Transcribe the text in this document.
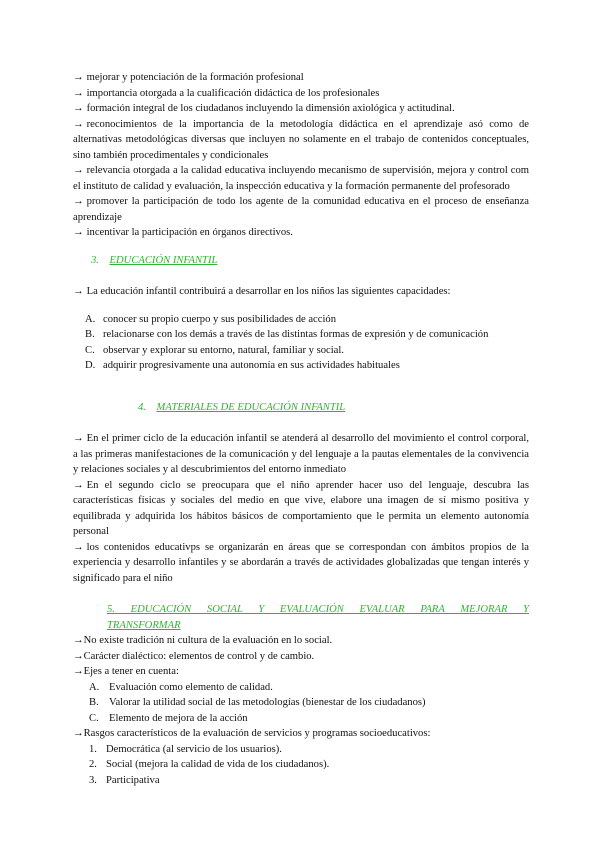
→ mejorar y potenciación de la formación profesional

→ importancia otorgada a la cualificación didáctica de los profesionales

→ formación integral de los ciudadanos incluyendo la dimensión axiológica y actitudinal.

→ reconocimientos de la importancia de la metodología didáctica en el aprendizaje asó como de alternativas metodológicas diversas que incluyen no solamente en el trabajo de contenidos conceptuales, sino también procedimentales y condicionales

→ relevancia otorgada a la calidad educativa incluyendo mecanismo de supervisión, mejora y control com el instituto de calidad y evaluación, la inspección educativa y la formación permanente del profesorado

→ promover la participación de todo los agente de la comunidad educativa en el proceso de enseñanza aprendizaje

→ incentivar la participación en órganos directivos.

3. EDUCACIÓN INFANTIL

→ La educación infantil contribuirá a desarrollar en los niños las siguientes capacidades:

A. conocer su propio cuerpo y sus posibilidades de acción
B. relacionarse con los demás a través de las distintas formas de expresión y de comunicación
C. observar y explorar su entorno, natural, familiar y social.
D. adquirir progresivamente una autonomía en sus actividades habituales

4. MATERIALES DE EDUCACIÓN INFANTIL

→ En el primer ciclo de la educación infantil se atenderá al desarrollo del movimiento el control corporal, a las primeras manifestaciones de la comunicación y del lenguaje a la pautas elementales de la convivencia y relaciones sociales y al descubrimientos del entorno inmediato

→ En el segundo ciclo se preocupara que el niño aprender hacer uso del lenguaje, descubra las características físicas y sociales del medio en que vive, elabore una imagen de sí mismo positiva y equilibrada y adquirida los hábitos básicos de comportamiento que le permita un elemento autonomía personal

→ los contenidos educativps se organizarán en áreas que se correspondan con ámbitos propios de la experiencia y desarrollo infantiles y se abordarán a través de actividades globalizadas que tengan interés y significado para el niño

5. EDUCACIÓN SOCIAL Y EVALUACIÓN EVALUAR PARA MEJORAR Y

TRANSFORMAR

→No existe tradición ni cultura de la evaluación en lo social.

→Carácter dialéctico: elementos de control y de cambio.

→Ejes a tener en cuenta:

A. Evaluación como elemento de calidad.
B. Valorar la utilidad social de las metodologías (bienestar de los ciudadanos)
C. Elemento de mejora de la acción

→Rasgos característicos de la evaluación de servicios y programas socioeducativos:

1. Democrática (al servicio de los usuarios).
2. Social (mejora la calidad de vida de los ciudadanos).
3. Participativa
